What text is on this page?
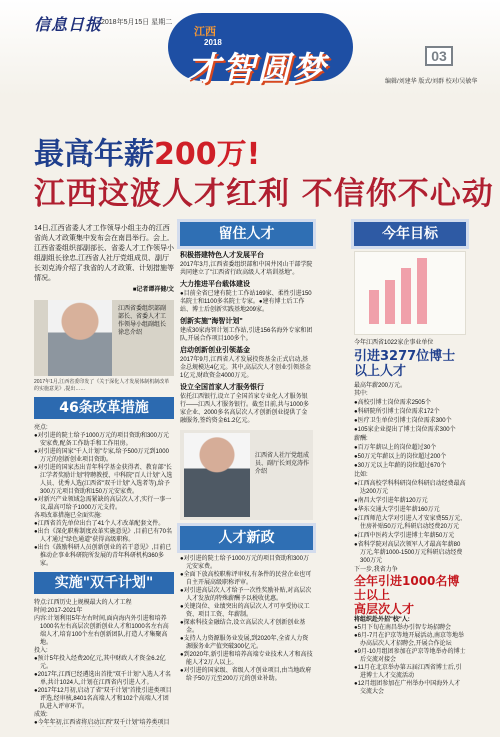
信息日报
2018年5月15日 星期二
江西
2018
才智圆梦	03
编辑/刘建华 版式/刘群 校对/吴敏华
最高年薪200万!
江西这波人才红利 不信你不心动
14日,江西省委人才工作领导小组主办的江西省尚人才政策集中发布会在南昌举行。会上,江西省委组织部副部长、省委人才工作领导小组副组长徐忠,江西省人社厅党组成员、副厅长刘克涛介绍了我省的人才政策、计划措施等情况。
■记者谭祥健/文
江西省委组织部副部长、省委人才工作领导小组副组长徐忠介绍
2017年1月,江西省委印发了《关于深化人才发展体制机制改革的实施意见》,提出……
46条改革措施
亮点:
●对引进的院士给予1000万元的项目资助和300万元安家费,配备工作助手和工作用房。
●对引进的国家"千人计划"专家,给予500万元到1000万元的创新创业项目资助。
●对引进的国家杰出青年科学基金获得者、教育部"长江学者奖励计划"特聘教授、中科院"百人计划"入选人员、优秀人选(江西省"双千计划"入选者等),给予300万元项目资助和150万元安家费。
●对新兴产业领域急需紧缺的高层次人才,实行一事一议,最高可给予1000万元支持。
各项改革措施已全面实施:
●江西省首先单位出台了41个人才改革配套文件。
●出台《深化职称制度改革实施意见》,目前已有70名人才通过"绿色通道"获得高级职称。
●出台《鼓励科研人员创新创业的若干意见》,目前已推动企事业科研院所发展的青年科研机构360多家。
实施"双千计划"
特点:江西历史上规模最大的人才工程
时间:2017-2021年
内容:计划利用5年左右时间,面向海内外引进和培养1000名左右高层次创新创业人才和1000名左右高端人才,培育100个左右创新团队,打造人才集聚高地。
投入:
●预计5年投入经费20亿元,其中财政人才资金6.2亿元。
●2017年,江西已经遴选出首批"双千计划"入选人才名单,共计1024人,计划在江西省内引进人才。
●2017年12月初,启动了省"双千计划"首批引进类项目评选,经审核,8401名高端人才和102个高端人才团队进入评审环节。
成效:
●今年年初,江西省将启动江西"双千计划"培养类项目
留住人才
积极搭建特色人才发展平台
2017年3月,江西省委组织部和中国井冈山干部学院共同建立了"江西省行政高级人才培训基地"。
大力推进平台载体建设
●目前全省已建有院士工作站169家、柔性引进150名院士和1100多名院士专家。●建有博士后工作站、博士后创新实践基地209家。
创新实施"海智计划"
建成30家海智计划工作站,引进156名海外专家和团队,开展合作项目100多个。
启动创新创业引领基金
2017年9月,江西省人才发展投资基金正式启动,基金总规模达4亿元。其中,高层次人才创业引领基金1亿元,财政资金4000万元。
设立全国首家人才服务银行
依托江西银行,设立了全国首家专业化人才服务银行——江西人才服务银行。截至目前,共与1000多家企业、2000多名高层次人才创新创业提供了金融服务,签约资金61.2亿元。
江西省人社厅党组成员、副厅长刘克涛作介绍
人才新政
●对引进的院士给予1000万元的项目资助和300万元安家费。
●全面下放高校职称评审权,有条件的民营企业也可自主开展高级职称评审。
●对引进高层次人才给予一次性奖励补贴,对高层次人才发放的特殊薪酬予以税收优惠。
●关键岗位、业绩突出的高层次人才可享受协议工资、项目工资、年薪制。
●探索科技金融结合,设立高层次人才创新创业基金。
●支持人力资源服务业发展,到2020年,全省人力资源服务业产值突破300亿元。
●到2020年,新引进和培养高端专业技术人才和高技能人才2万人以上。
●对引进的国家级、省级人才创业项目,由当地政府给予50万元至200万元的创业补助。
今年目标
今年江西省1022家企事业单位
引进3277位博士以上人才
最高年薪200万元。
其中:
●高校引博士岗位需求2505个
●科研院所引博士岗位需求172个
●医疗卫生单位引博士岗位需求300个
●105家企业提出了博士岗位需求300个
薪酬:
●百万年薪以上的岗位超过30个
●50万元年薪以上的岗位超过200个
●30万元以上年薪的岗位超过670个
比如:
●江西高校学科科研岗位科研启动经费最高达200万元
●南昌大学引进年薪120万元
●华东交通大学引进年薪160万元
●江西师范大学对引进人才安家费55万元,住房补贴50万元,科研启动经费20万元
●江西中医药大学引进博士年薪50万元
●省科学院对高层次领军人才最高年薪80万元,年薪1000-1500万元科研启动经费300万元
下一步,我省力争
全年引进1000名博士以上
高层次人才
将组织赴外招"校"人:
●5月下旬在南昌举办引智专场招聘会
●6月-7月在沪京等地开展活动,南京等地举办高层次人才招聘会,开展合作论坛
●9月-10月组团参加在沪京等地举办的博士后交流对接会
●11月在北京举办第五届江西省博士后,引进博士人才交流活动
●12月组团参加在广州举办中国海外人才交流大会
